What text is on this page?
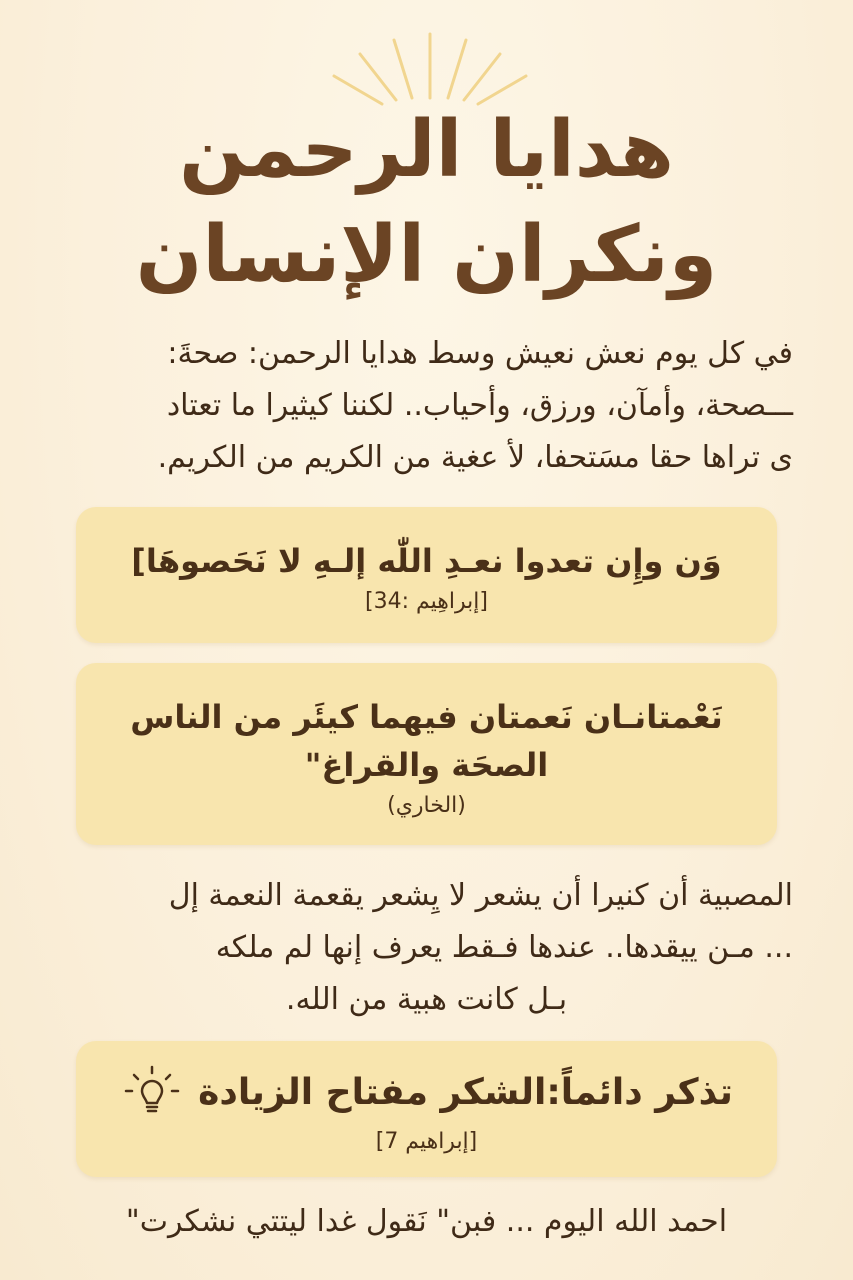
هدايا الرحمن
ونكران الإنسان
في كل يوم نعش نعيش وسط هدايا الرحمن: صحةَ:
ـــصحة، وأمآن، ورزق، وأحياب.. لكننا كيثيرا ما تعتاد
ى تراها حقا مسَتحفا، لأ عغية من الكريم من الكريم.
وَن وإِن تعدوا نعـدِ اللّٰه إلـهِ لا نَحَصوهَا]
[إبراهِيم :34]
نَعْمتانـان نَعمتان فيهما كيئَر من الناس
الصحَة والقراغ"
(الخاري)
المصبية أن كنيرا أن يشعر لا يِشعر يقعمة النعمة إل
... مـن ييقدها.. عندها فـقط يعرف إنها لم ملكه
بـل كانت هبية من الله.
تذكر دائماً:الشكر مفتاح الزيادة
[إبراهيم 7]

احمد الله اليوم ... فبن" نَقول غدا ليتتي نشكرت"
